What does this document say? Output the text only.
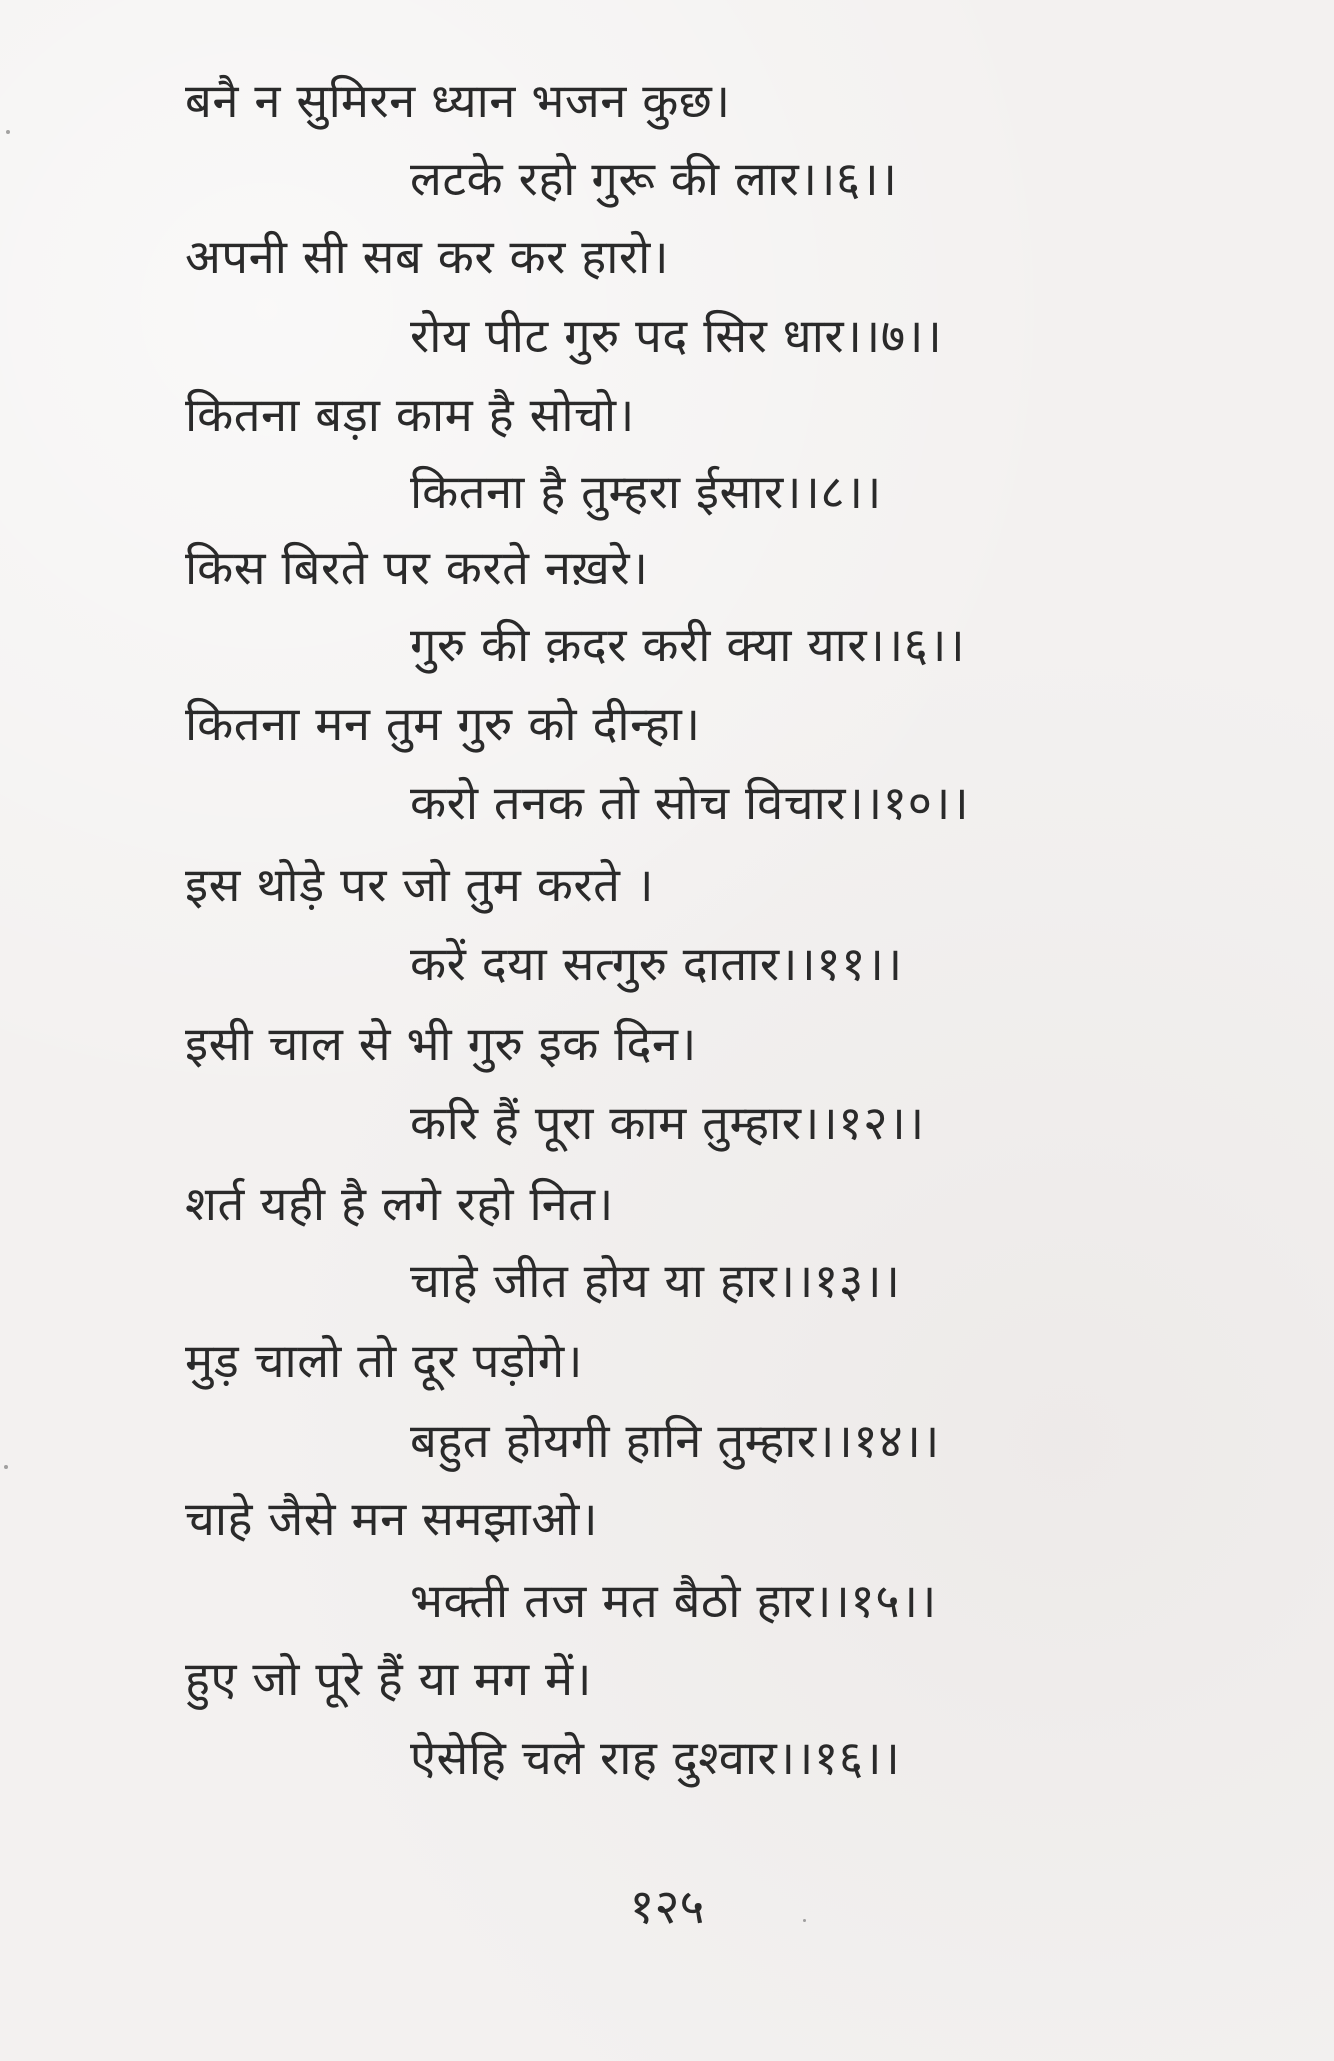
बनै न सुमिरन ध्यान भजन कुछ।
लटके रहो गुरू की लार।।६।।
अपनी सी सब कर कर हारो।
रोय पीट गुरु पद सिर धार।।७।।
कितना बड़ा काम है सोचो।
कितना है तुम्हरा ईसार।।८।।
किस बिरते पर करते नख़रे।
गुरु की क़दर करी क्या यार।।६।।
कितना मन तुम गुरु को दीन्हा।
करो तनक तो सोच विचार।।१०।।
इस थोड़े पर जो तुम करते ।
करें दया सत्गुरु दातार।।११।।
इसी चाल से भी गुरु इक दिन।
करि हैं पूरा काम तुम्हार।।१२।।
शर्त यही है लगे रहो नित।
चाहे जीत होय या हार।।१३।।
मुड़ चालो तो दूर पड़ोगे।
बहुत होयगी हानि तुम्हार।।१४।।
चाहे जैसे मन समझाओ।
भक्ती तज मत बैठो हार।।१५।।
हुए जो पूरे हैं या मग में।
ऐसेहि चले राह दुश्वार।।१६।।
१२५
